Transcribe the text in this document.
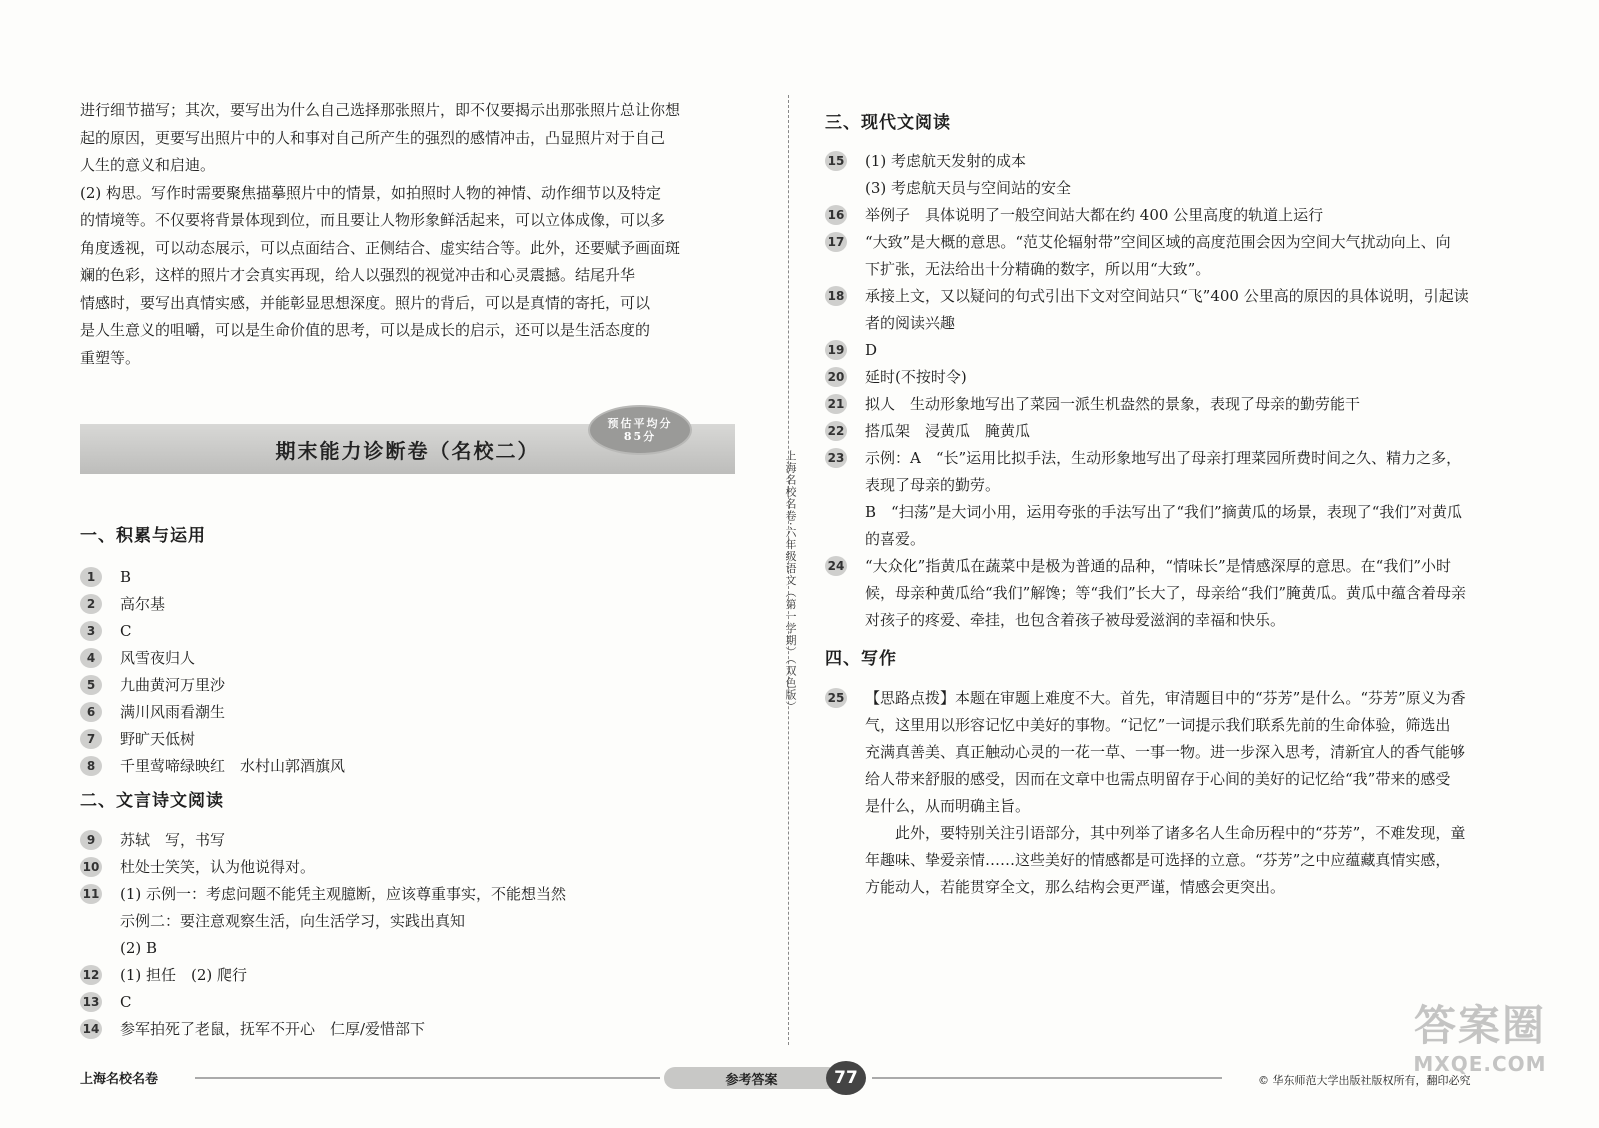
进行细节描写；其次，要写出为什么自己选择那张照片，即不仅要揭示出那张照片总让你想

起的原因，更要写出照片中的人和事对自己所产生的强烈的感情冲击，凸显照片对于自己

人生的意义和启迪。

(2) 构思。写作时需要聚焦描摹照片中的情景，如拍照时人物的神情、动作细节以及特定

的情境等。不仅要将背景体现到位，而且要让人物形象鲜活起来，可以立体成像，可以多

角度透视，可以动态展示，可以点面结合、正侧结合、虚实结合等。此外，还要赋予画面斑

斓的色彩，这样的照片才会真实再现，给人以强烈的视觉冲击和心灵震撼。结尾升华

情感时，要写出真情实感，并能彰显思想深度。照片的背后，可以是真情的寄托，可以

是人生意义的咀嚼，可以是生命价值的思考，可以是成长的启示，还可以是生活态度的

重塑等。

期末能力诊断卷（名校二）
预估平均分
85分
一、积累与运用
1	B
2	高尔基
3	C
4	风雪夜归人
5	九曲黄河万里沙
6	满川风雨看潮生
7	野旷天低树
8	千里莺啼绿映红　水村山郭酒旗风
二、文言诗文阅读
9	苏轼　写，书写
10 杜处士笑笑，认为他说得对。
11 (1) 示例一：考虑问题不能凭主观臆断，应该尊重事实，不能想当然
示例二：要注意观察生活，向生活学习，实践出真知
(2) B
12 (1) 担任　(2) 爬行
13 C
14 参军拍死了老鼠，抚军不开心　仁厚/爱惜部下
上海名校名卷·六年级语文（第一学期）（双色版）
三、现代文阅读
15 (1) 考虑航天发射的成本
(3) 考虑航天员与空间站的安全
16 举例子　具体说明了一般空间站大都在约 400 公里高度的轨道上运行
17 “大致”是大概的意思。“范艾伦辐射带”空间区域的高度范围会因为空间大气扰动向上、向
下扩张，无法给出十分精确的数字，所以用“大致”。
18 承接上文，又以疑问的句式引出下文对空间站只“飞”400 公里高的原因的具体说明，引起读
者的阅读兴趣
19 D
20 延时(不按时令)
21 拟人　生动形象地写出了菜园一派生机盎然的景象，表现了母亲的勤劳能干
22 搭瓜架　浸黄瓜　腌黄瓜
23 示例：A　“长”运用比拟手法，生动形象地写出了母亲打理菜园所费时间之久、精力之多，
表现了母亲的勤劳。
B　“扫荡”是大词小用，运用夸张的手法写出了“我们”摘黄瓜的场景，表现了“我们”对黄瓜
的喜爱。
24 “大众化”指黄瓜在蔬菜中是极为普通的品种，“情味长”是情感深厚的意思。在“我们”小时
候，母亲种黄瓜给“我们”解馋；等“我们”长大了，母亲给“我们”腌黄瓜。黄瓜中蕴含着母亲
对孩子的疼爱、牵挂，也包含着孩子被母爱滋润的幸福和快乐。
四、写作
25 【思路点拨】本题在审题上难度不大。首先，审清题目中的“芬芳”是什么。“芬芳”原义为香
气，这里用以形容记忆中美好的事物。“记忆”一词提示我们联系先前的生命体验，筛选出
充满真善美、真正触动心灵的一花一草、一事一物。进一步深入思考，清新宜人的香气能够
给人带来舒服的感受，因而在文章中也需点明留存于心间的美好的记忆给“我”带来的感受
是什么，从而明确主旨。
　　此外，要特别关注引语部分，其中列举了诸多名人生命历程中的“芬芳”，不难发现，童
年趣味、挚爱亲情……这些美好的情感都是可选择的立意。“芬芳”之中应蕴藏真情实感，
方能动人，若能贯穿全文，那么结构会更严谨，情感会更突出。
上海名校名卷	参考答案	77	© 华东师范大学出版社版权所有，翻印必究
答案圈
MXQE.COM
